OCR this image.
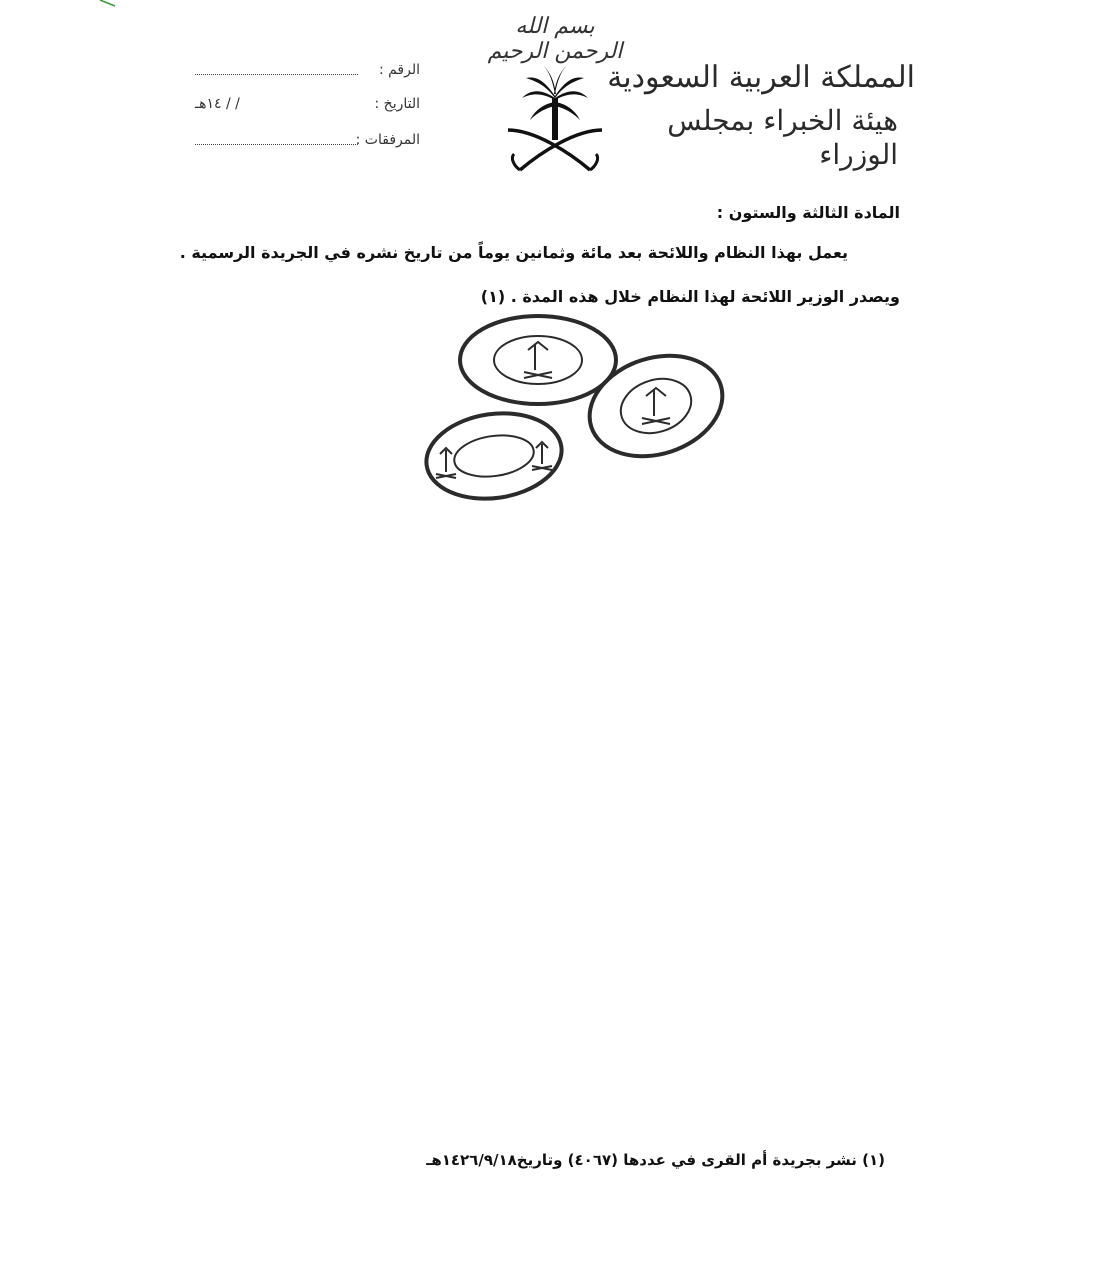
بسم الله الرحمن الرحيم
المملكة العربية السعودية
هيئة الخبراء بمجلس الوزراء
الرقم :
التاريخ :
/ / ١٤هـ
المرفقات :
المادة الثالثة والستون :
يعمل بهذا النظام واللائحة بعد مائة وثمانين يوماً من تاريخ نشره في الجريدة الرسمية .
ويصدر الوزير اللائحة لهذا النظام خلال هذه المدة . (١)
(١) نشر بجريدة أم القرى في عددها (٤٠٦٧) وتاريخ١٤٢٦/٩/١٨هـ
